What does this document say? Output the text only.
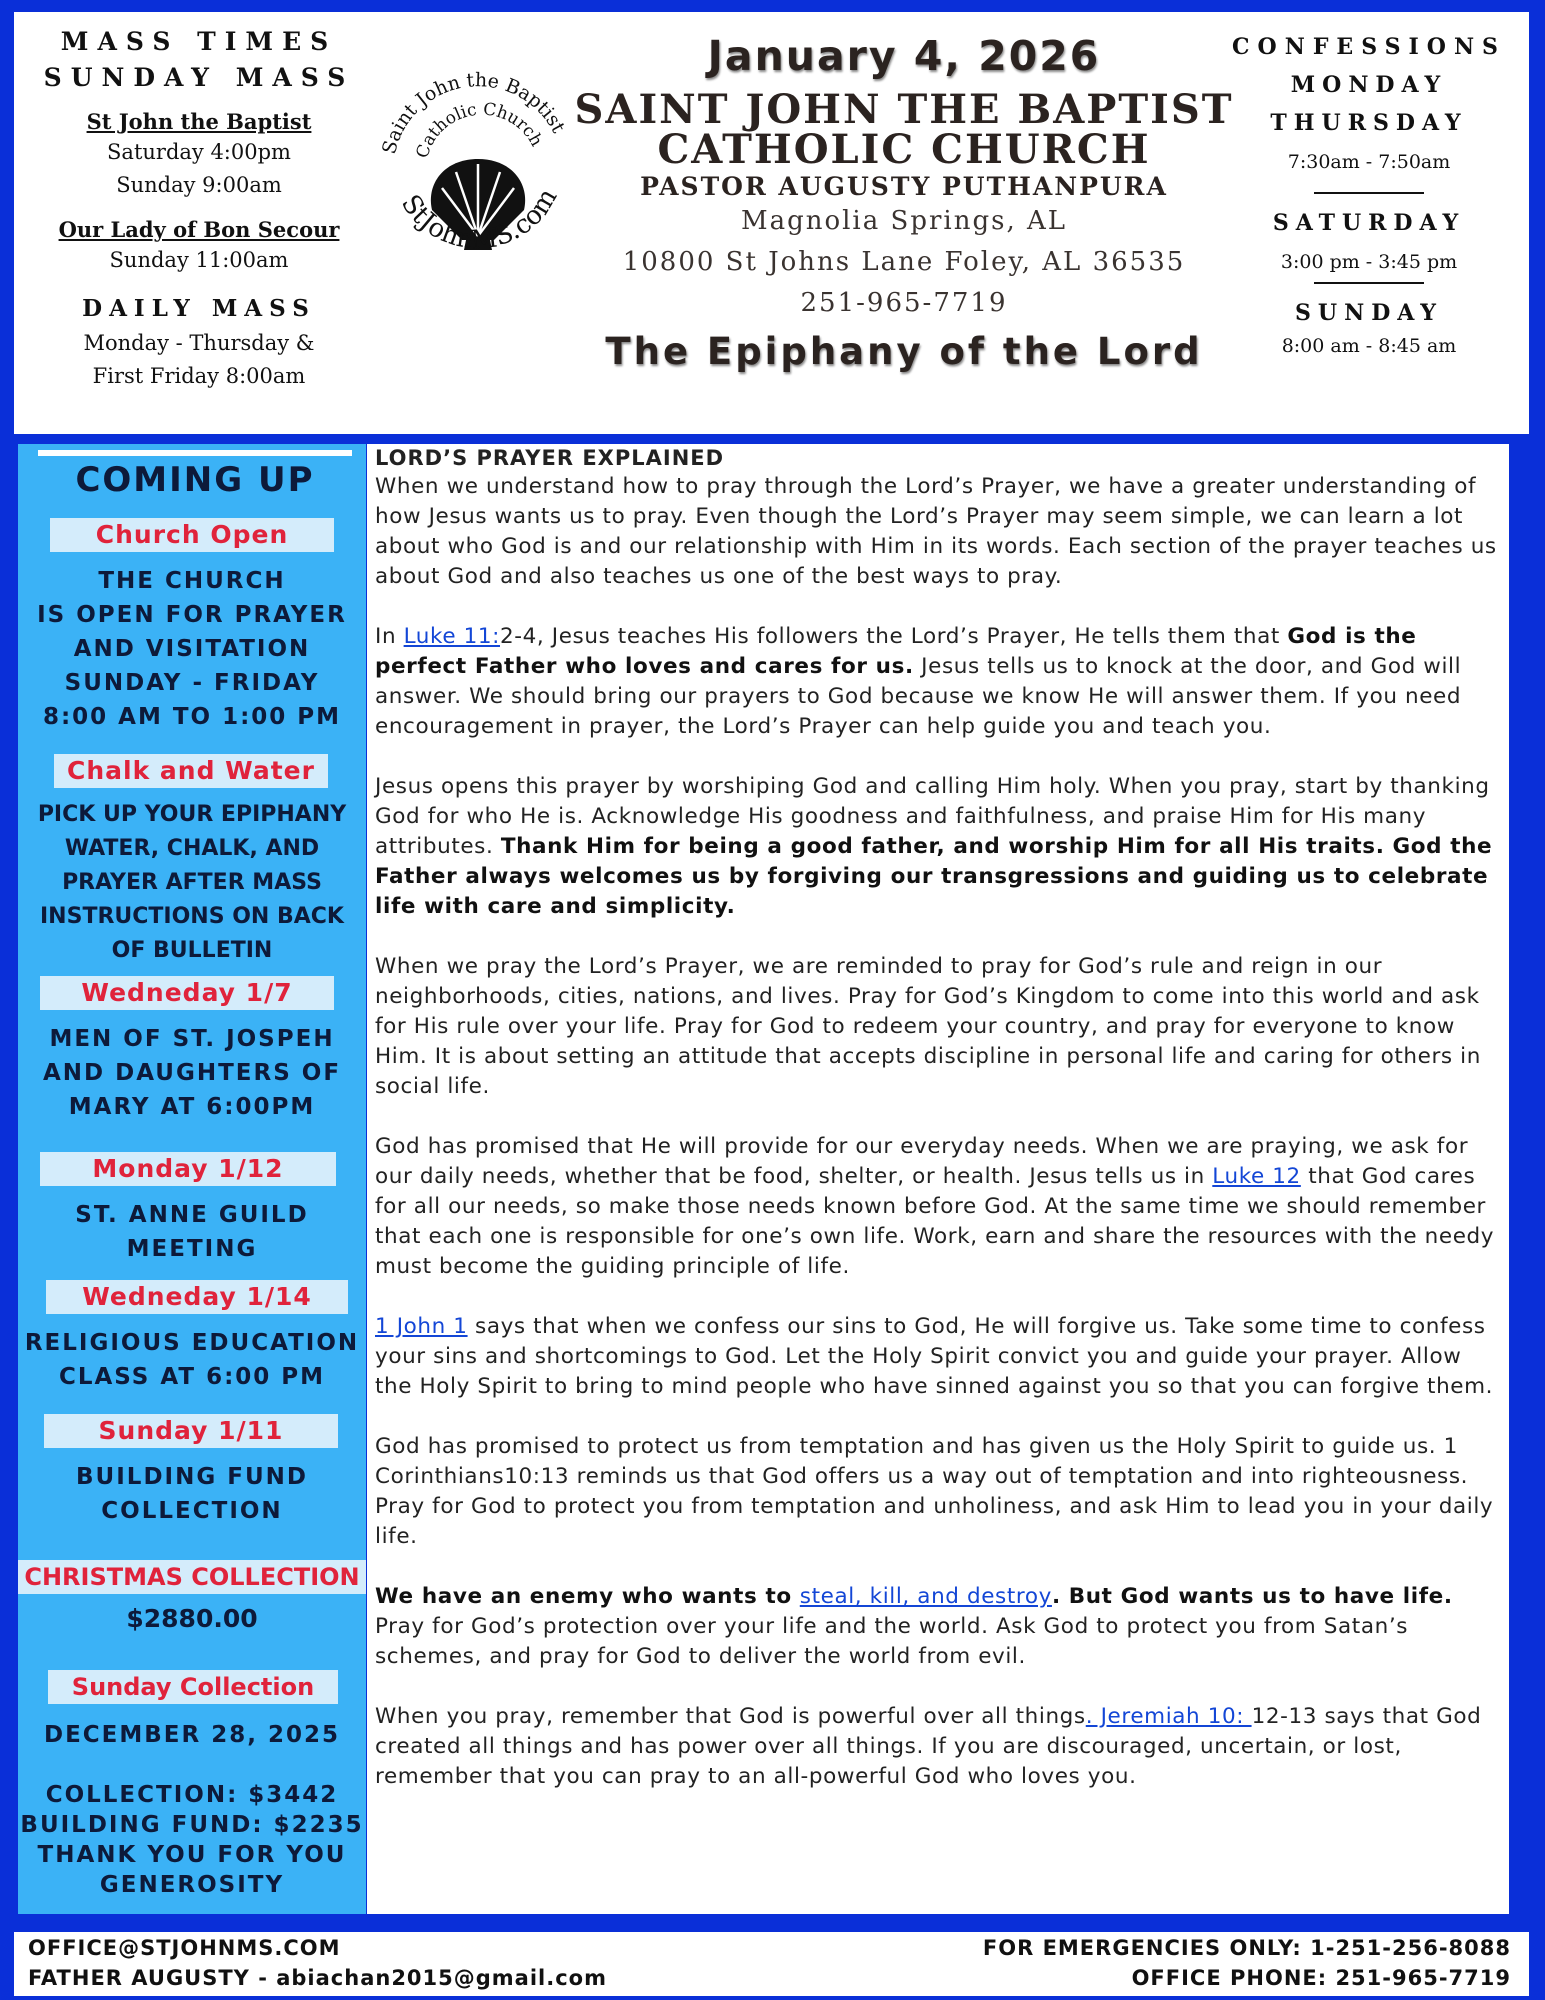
MASS TIMES
SUNDAY MASS
St John the Baptist
Saturday 4:00pm
Sunday 9:00am
Our Lady of Bon Secour
Sunday 11:00am
DAILY MASS
Monday - Thursday &
First Friday 8:00am
Saint John the Baptist
Catholic Church
StJohnMS.com
January 4, 2026
SAINT JOHN THE BAPTIST
CATHOLIC CHURCH
PASTOR AUGUSTY PUTHANPURA
Magnolia Springs, AL
10800 St Johns Lane Foley, AL 36535
251-965-7719
The Epiphany of the Lord
CONFESSIONS
MONDAY
THURSDAY
7:30am - 7:50am
SATURDAY
3:00 pm - 3:45 pm
SUNDAY
8:00 am - 8:45 am
COMING UP
Church Open
THE CHURCH
IS OPEN FOR PRAYER
AND VISITATION
SUNDAY - FRIDAY
8:00 AM TO 1:00 PM
Chalk and Water
PICK UP YOUR EPIPHANY
WATER, CHALK, AND
PRAYER AFTER MASS
INSTRUCTIONS ON BACK
OF BULLETIN
Wedneday 1/7
MEN OF ST. JOSPEH
AND DAUGHTERS OF
MARY AT 6:00PM
Monday 1/12
ST. ANNE GUILD
MEETING
Wedneday 1/14
RELIGIOUS EDUCATION
CLASS AT 6:00 PM
Sunday 1/11
BUILDING FUND
COLLECTION
CHRISTMAS COLLECTION
$2880.00
Sunday Collection
DECEMBER 28, 2025
COLLECTION: $3442
BUILDING FUND: $2235
THANK YOU FOR YOU
GENEROSITY
LORD’S PRAYER EXPLAINED

When we understand how to pray through the Lord’s Prayer, we have a greater understanding of how Jesus wants us to pray. Even though the Lord’s Prayer may seem simple, we can learn a lot about who God is and our relationship with Him in its words. Each section of the prayer teaches us about God and also teaches us one of the best ways to pray.

In Luke 11:2-4, Jesus teaches His followers the Lord’s Prayer, He tells them that God is the perfect Father who loves and cares for us. Jesus tells us to knock at the door, and God will answer. We should bring our prayers to God because we know He will answer them. If you need encouragement in prayer, the Lord’s Prayer can help guide you and teach you.

Jesus opens this prayer by worshiping God and calling Him holy. When you pray, start by thanking God for who He is. Acknowledge His goodness and faithfulness, and praise Him for His many attributes. Thank Him for being a good father, and worship Him for all His traits. God the Father always welcomes us by forgiving our transgressions and guiding us to celebrate life with care and simplicity.

When we pray the Lord’s Prayer, we are reminded to pray for God’s rule and reign in our neighborhoods, cities, nations, and lives. Pray for God’s Kingdom to come into this world and ask for His rule over your life. Pray for God to redeem your country, and pray for everyone to know Him. It is about setting an attitude that accepts discipline in personal life and caring for others in social life.

God has promised that He will provide for our everyday needs. When we are praying, we ask for our daily needs, whether that be food, shelter, or health. Jesus tells us in Luke 12 that God cares for all our needs, so make those needs known before God. At the same time we should remember that each one is responsible for one’s own life. Work, earn and share the resources with the needy must become the guiding principle of life.

1 John 1 says that when we confess our sins to God, He will forgive us. Take some time to confess your sins and shortcomings to God. Let the Holy Spirit convict you and guide your prayer. Allow the Holy Spirit to bring to mind people who have sinned against you so that you can forgive them.

God has promised to protect us from temptation and has given us the Holy Spirit to guide us. 1 Corinthians10:13 reminds us that God offers us a way out of temptation and into righteousness. Pray for God to protect you from temptation and unholiness, and ask Him to lead you in your daily life.

We have an enemy who wants to steal, kill, and destroy. But God wants us to have life. Pray for God’s protection over your life and the world. Ask God to protect you from Satan’s schemes, and pray for God to deliver the world from evil.

When you pray, remember that God is powerful over all things. Jeremiah 10: 12-13 says that God created all things and has power over all things. If you are discouraged, uncertain, or lost, remember that you can pray to an all-powerful God who loves you.

OFFICE@STJOHNMS.COM
FATHER AUGUSTY - abiachan2015@gmail.com
FOR EMERGENCIES ONLY: 1-251-256-8088
OFFICE PHONE: 251-965-7719
